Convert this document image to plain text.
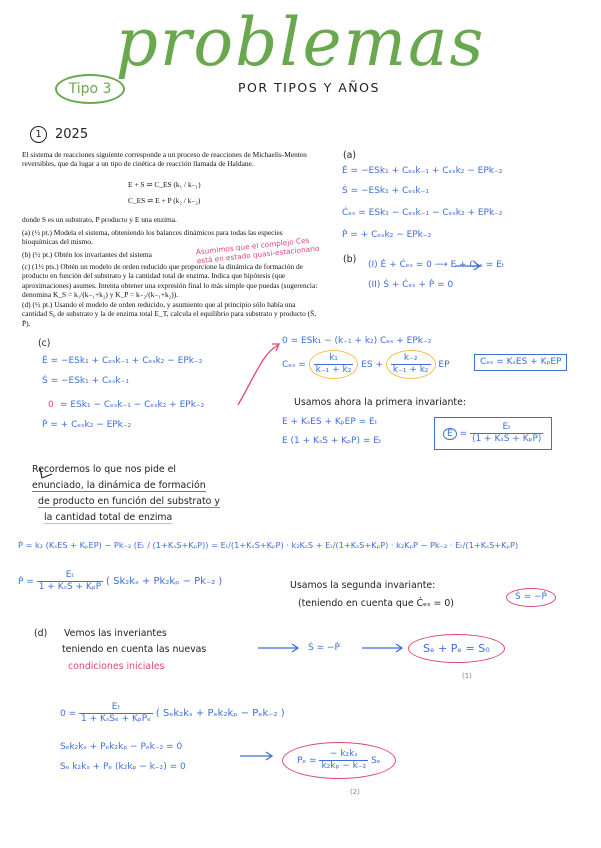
problemas
Tipo 3	POR TIPOS Y AÑOS
1 2025
El sistema de reacciones siguiente corresponde a un proceso de reacciones de Michaelis-Menten reversibles, que da lugar a un tipo de cinética de reacción llamada de Haldane.
E + S ⇌ C_ES (k₁ / k₋₁)
C_ES ⇌ E + P (k₂ / k₋₂)
donde S es un substrato, P producto y E una enzima.
(a) (½ pt.) Modela el sistema, obteniendo los balances dinámicos para todas las especies bioquímicas del mismo.
(b) (½ pt.) Obtén los invariantes del sistema
(c) (1½ pts.) Obtén un modelo de orden reducido que proporcione la dinámica de formación de producto en función del substrato y la cantidad total de enzima. Indica que hipótesis (que aproximaciones) asumes. Intenta obtener una expresión final lo más simple que puedas (sugerencia: denomina K_S = k₁/(k₋₁+k₂) y K_P = k₋₂/(k₋₁+k₂)).
(d) (½ pt.) Usando el modelo de orden reducido, y asumiento que al principio sólo había una cantidad S₀ de substrato y la de enzima total E_T, calcula el equilibrio para substrato y producto (S̄, P̄).
Asumimos que el complejo Ces está en estado quasi-estacionario
(a)
Ė = −ESk₁ + Cₑₛk₋₁ + Cₑₛk₂ − EPk₋₂
Ṡ = −ESk₁ + Cₑₛk₋₁
Ċₑₛ = ESk₁ − Cₑₛk₋₁ − Cₑₛk₂ + EPk₋₂
Ṗ = + Cₑₛk₂ − EPk₋₂
(b) (I) Ė + Ċₑₛ = 0 ⟶ E + Cₑₛ = Eₜ
(II) Ṡ + Ċₑₛ + Ṗ = 0
(c)
Ė = −ESk₁ + Cₑₛk₋₁ + Cₑₛk₂ − EPk₋₂
Ṡ = −ESk₁ + Cₑₛk₋₁
0 = ESk₁ − Cₑₛk₋₁ − Cₑₛk₂ + EPk₋₂
Ṗ = + Cₑₛk₂ − EPk₋₂
0 = ESk₁ − (k₋₁ + k₂) Cₑₛ + EPk₋₂
$C_{es} = \frac{\text{k₁}}{\text{k₋₁ + k₂}}$ ES + $\frac{\text{k₋₂}}{\text{k₋₁ + k₂}}$ EP	Cₑₛ = KₛES + KₚEP
Usamos ahora la primera invariante:
E + KₛES + KₚEP = Eₜ
E (1 + KₛS + KₚP) = Eₜ
$E = \frac{\text{Eₜ}}{\text{(1 + KₛS + KₚP)}}$
Recordemos lo que nos pide el
enunciado, la dinámica de formación
de producto en función del substrato y
la cantidad total de enzima
Ṗ = k₂ (KₛES + KₚEP) − Pk₋₂ (Eₜ / (1+KₛS+KₚP)) = Eₜ/(1+KₛS+KₚP) · k₂KₛS + Eₜ/(1+KₛS+KₚP) · k₂KₚP − Pk₋₂ · Eₜ/(1+KₛS+KₚP)
Ṗ = $\frac{\text{Eₜ}}{\text{1 + KₛS + KₚP}}$ ( Sk₂kₛ + Pk₂kₚ − Pk₋₂ )	Usamos la segunda invariante:
(teniendo en cuenta que Ċₑₛ = 0)
Ṡ = −Ṗ
(d) Vemos las inveriantes
teniendo en cuenta las nuevas
condiciones iniciales
Ṡ = −Ṗ	Sₑ + Pₑ = S₀
(1)
$0 = \frac{\text{Eₜ}}{\text{1 + KₛSₑ + KₚPₑ}}$ ( Sₑk₂kₛ + Pₑk₂kₚ − Pₑk₋₂ )
Sₑk₂kₛ + Pₑk₂kₚ − Pₑk₋₂ = 0
Sₑ k₂kₛ + Pₑ (k₂kₚ − k₋₂) = 0
$P_e = \frac{\text{− k₂kₛ}}{\text{k₂kₚ − k₋₂}}$ Sₑ
(2)
